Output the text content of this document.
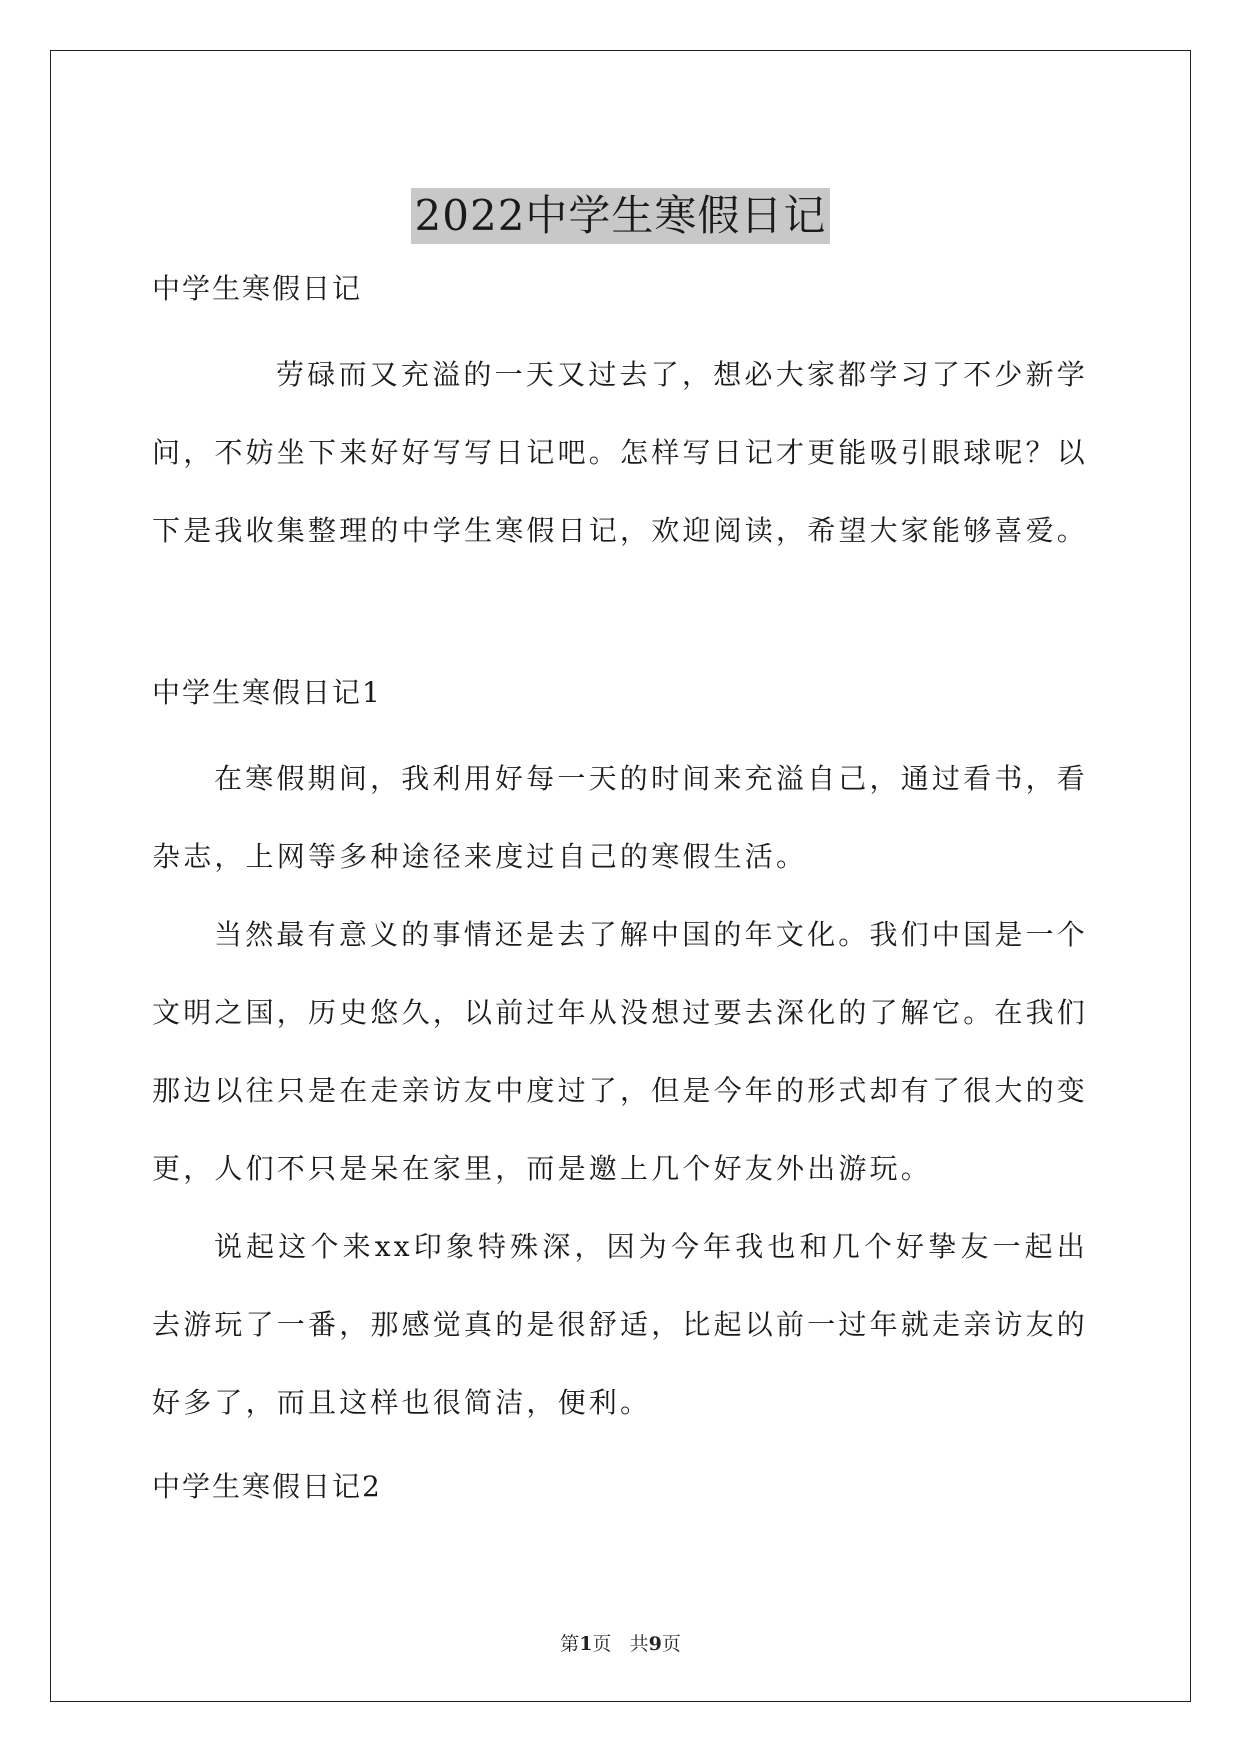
2022中学生寒假日记

中学生寒假日记

劳碌而又充溢的一天又过去了，想必大家都学习了不少新学问，不妨坐下来好好写写日记吧。怎样写日记才更能吸引眼球呢？以下是我收集整理的中学生寒假日记，欢迎阅读，希望大家能够喜爱。

中学生寒假日记1

在寒假期间，我利用好每一天的时间来充溢自己，通过看书，看杂志，上网等多种途径来度过自己的寒假生活。

当然最有意义的事情还是去了解中国的年文化。我们中国是一个文明之国，历史悠久，以前过年从没想过要去深化的了解它。在我们那边以往只是在走亲访友中度过了，但是今年的形式却有了很大的变更，人们不只是呆在家里，而是邀上几个好友外出游玩。

说起这个来xx印象特殊深，因为今年我也和几个好挚友一起出去游玩了一番，那感觉真的是很舒适，比起以前一过年就走亲访友的好多了，而且这样也很简洁，便利。

中学生寒假日记2

第1页 共9页
